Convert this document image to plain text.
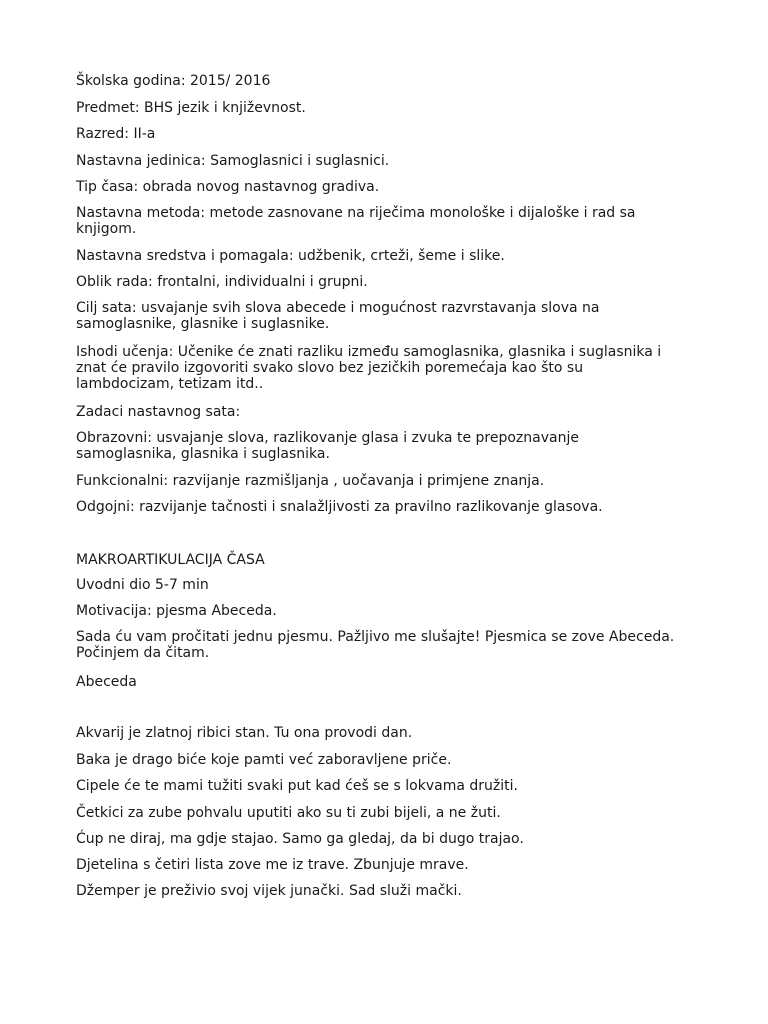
Školska godina: 2015/ 2016

Predmet: BHS jezik i književnost.

Razred: II-a

Nastavna jedinica: Samoglasnici i suglasnici.

Tip časa: obrada novog nastavnog gradiva.

Nastavna metoda: metode zasnovane na riječima monološke i dijaloške i rad sa
knjigom.

Nastavna sredstva i pomagala: udžbenik, crteži, šeme i slike.

Oblik rada: frontalni, individualni i grupni.

Cilj sata: usvajanje svih slova abecede i mogućnost razvrstavanja slova na
samoglasnike, glasnike i suglasnike.

Ishodi učenja: Učenike će znati razliku između samoglasnika, glasnika i suglasnika i
znat će pravilo izgovoriti svako slovo bez jezičkih poremećaja kao što su
lambdocizam, tetizam itd..

Zadaci nastavnog sata:

Obrazovni: usvajanje slova, razlikovanje glasa i zvuka te prepoznavanje
samoglasnika, glasnika i suglasnika.

Funkcionalni: razvijanje razmišljanja , uočavanja i primjene znanja.

Odgojni: razvijanje tačnosti i snalažljivosti za pravilno razlikovanje glasova.

MAKROARTIKULACIJA ČASA

Uvodni dio 5-7 min

Motivacija: pjesma Abeceda.

Sada ću vam pročitati jednu pjesmu. Pažljivo me slušajte! Pjesmica se zove Abeceda.
Počinjem da čitam.

Abeceda

Akvarij je zlatnoj ribici stan. Tu ona provodi dan.

Baka je drago biće koje pamti već zaboravljene priče.

Cipele će te mami tužiti svaki put kad ćeš se s lokvama družiti.

Četkici za zube pohvalu uputiti ako su ti zubi bijeli, a ne žuti.

Ćup ne diraj, ma gdje stajao. Samo ga gledaj, da bi dugo trajao.

Djetelina s četiri lista zove me iz trave. Zbunjuje mrave.

Džemper je preživio svoj vijek junački. Sad služi mački.
